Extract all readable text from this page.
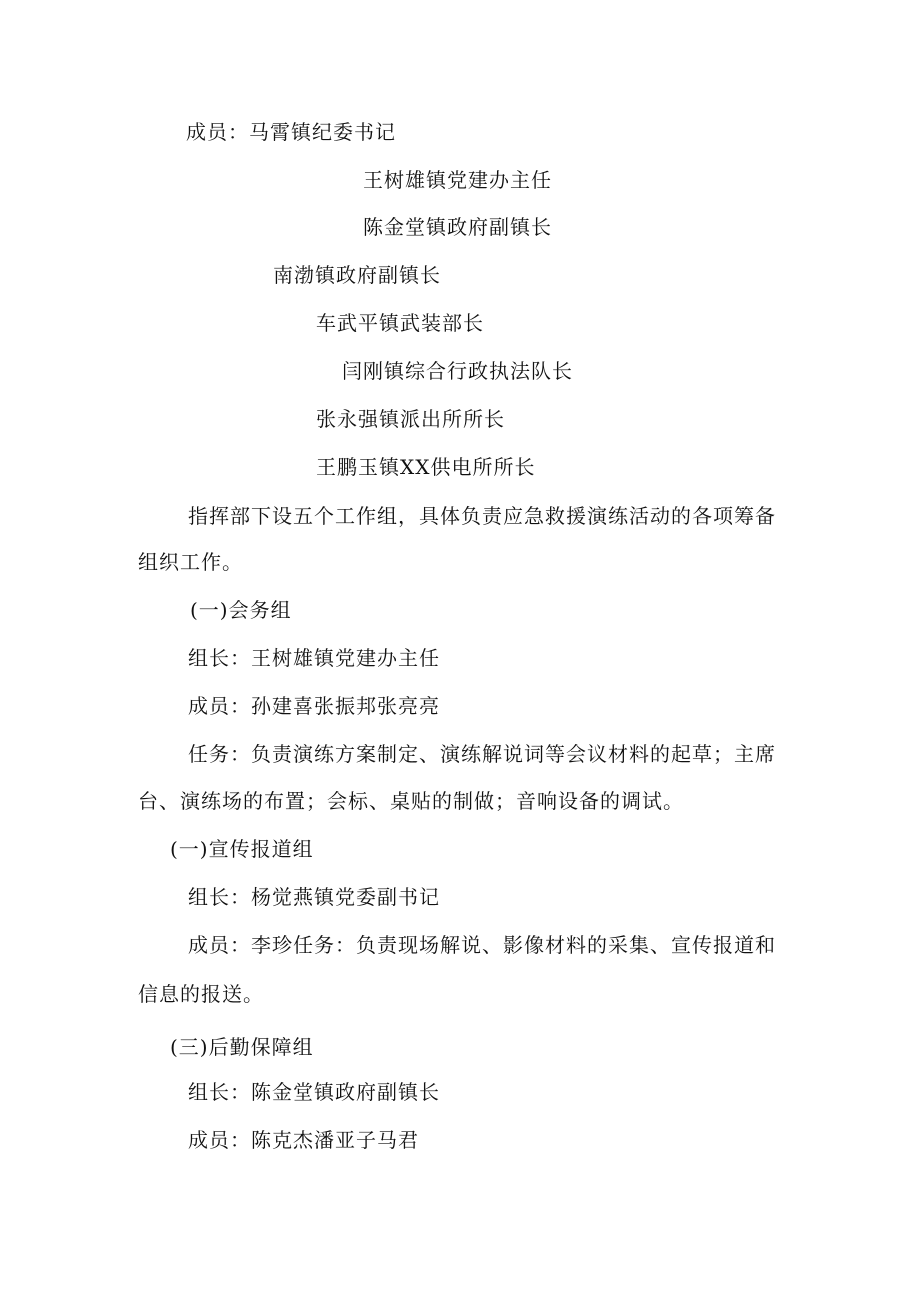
成员：马霄镇纪委书记
王树雄镇党建办主任
陈金堂镇政府副镇长
南渤镇政府副镇长
车武平镇武装部长
闫刚镇综合行政执法队长
张永强镇派出所所长
王鹏玉镇XX供电所所长
指挥部下设五个工作组，具体负责应急救援演练活动的各项筹备
组织工作。
(一)会务组
组长：王树雄镇党建办主任
成员：孙建喜张振邦张亮亮
任务：负责演练方案制定、演练解说词等会议材料的起草；主席
台、演练场的布置；会标、桌贴的制做；音响设备的调试。
(一)宣传报道组
组长：杨觉燕镇党委副书记
成员：李珍任务：负责现场解说、影像材料的采集、宣传报道和
信息的报送。
(三)后勤保障组
组长：陈金堂镇政府副镇长
成员：陈克杰潘亚子马君
